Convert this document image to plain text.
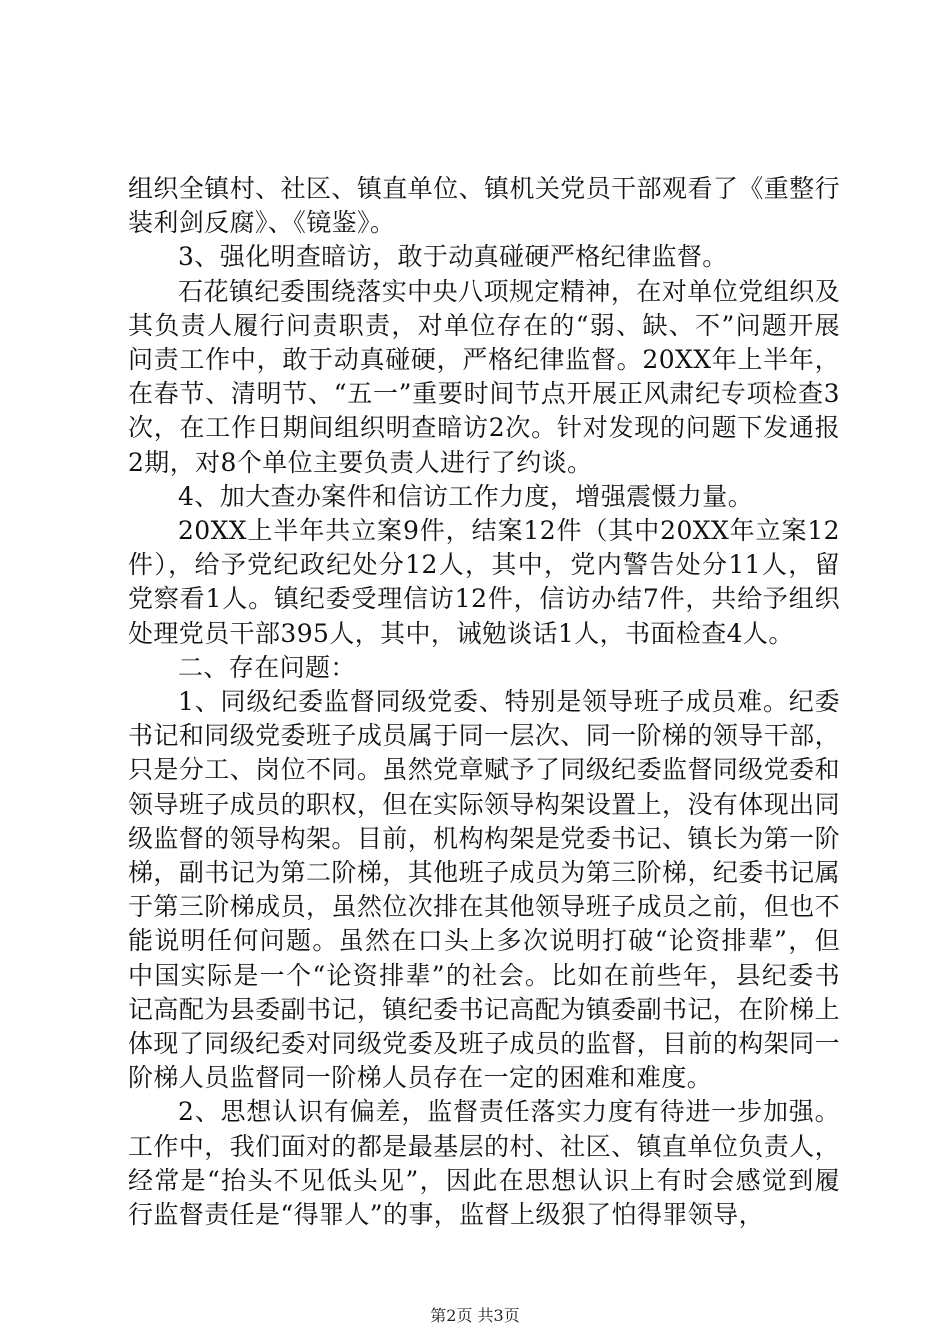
组织全镇村、社区、镇直单位、镇机关党员干部观看了《重整行装利剑反腐》、《镜鉴》。

3、强化明查暗访，敢于动真碰硬严格纪律监督。

石花镇纪委围绕落实中央八项规定精神，在对单位党组织及其负责人履行问责职责，对单位存在的“弱、缺、不”问题开展问责工作中，敢于动真碰硬，严格纪律监督。20XX年上半年，在春节、清明节、“五一”重要时间节点开展正风肃纪专项检查3次，在工作日期间组织明查暗访2次。针对发现的问题下发通报2期，对8个单位主要负责人进行了约谈。

4、加大查办案件和信访工作力度，增强震慑力量。

20XX上半年共立案9件，结案12件（其中20XX年立案12件），给予党纪政纪处分12人，其中，党内警告处分11人，留党察看1人。镇纪委受理信访12件，信访办结7件，共给予组织处理党员干部395人，其中，诫勉谈话1人，书面检查4人。

二、存在问题：

1、同级纪委监督同级党委、特别是领导班子成员难。纪委书记和同级党委班子成员属于同一层次、同一阶梯的领导干部，只是分工、岗位不同。虽然党章赋予了同级纪委监督同级党委和领导班子成员的职权，但在实际领导构架设置上，没有体现出同级监督的领导构架。目前，机构构架是党委书记、镇长为第一阶梯，副书记为第二阶梯，其他班子成员为第三阶梯，纪委书记属于第三阶梯成员，虽然位次排在其他领导班子成员之前，但也不能说明任何问题。虽然在口头上多次说明打破“论资排辈”，但中国实际是一个“论资排辈”的社会。比如在前些年，县纪委书记高配为县委副书记，镇纪委书记高配为镇委副书记，在阶梯上体现了同级纪委对同级党委及班子成员的监督，目前的构架同一阶梯人员监督同一阶梯人员存在一定的困难和难度。

2、思想认识有偏差，监督责任落实力度有待进一步加强。工作中，我们面对的都是最基层的村、社区、镇直单位负责人，经常是“抬头不见低头见”，因此在思想认识上有时会感觉到履行监督责任是“得罪人”的事，监督上级狠了怕得罪领导，

第2页 共3页
